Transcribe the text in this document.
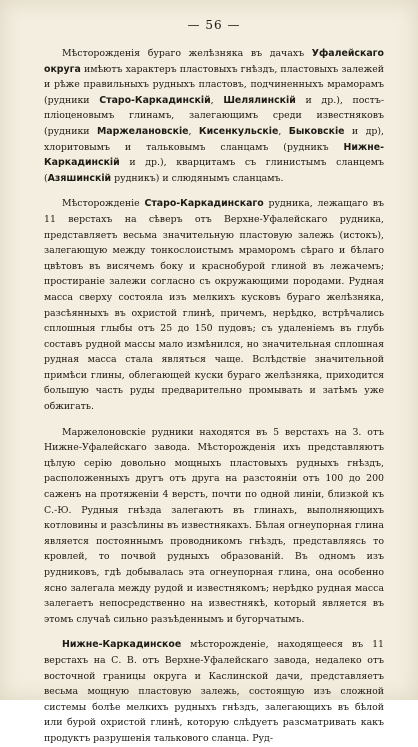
— 56 —

Мѣсторожденія бураго желѣзняка въ дачахъ Уфалейскаго округа имѣютъ характеръ пластовыхъ гнѣздъ, пластовыхъ залежей и рѣже правильныхъ рудныхъ пластовъ, подчиненныхъ мраморамъ (рудники Старо-Каркадинскій, Шелялинскій и др.), постъ-пліоценовымъ глинамъ, залегающимъ среди известняковъ (рудники Маржелановскіе, Кисенкульскіе, Быковскіе и др), хлоритовымъ и тальковымъ сланцамъ (рудникъ Нижне-Каркадинскій и др.), кварцитамъ съ глинистымъ сланцемъ (Азяшинскій рудникъ) и слюдянымъ сланцамъ.

Мѣсторожденіе Старо-Каркадинскаго рудника, лежащаго въ 11 верстахъ на сѣверъ отъ Верхне-Уфалейскаго рудника, представляетъ весьма значительную пластовую залежь (истокъ), залегающую между тонкослоистымъ мраморомъ сѣраго и бѣлаго цвѣтовъ въ висячемъ боку и краснобурой глиной въ лежачемъ; простираніе залежи согласно съ окружающими породами. Рудная масса сверху состояла изъ мелкихъ кусковъ бураго желѣзняка, разсѣянныхъ въ охристой глинѣ, причемъ, нерѣдко, встрѣчались сплошныя глыбы отъ 25 до 150 пудовъ; съ удаленіемъ въ глубь составъ рудной массы мало измѣнился, но значительная сплошная рудная масса стала являться чаще. Вслѣдствіе значительной примѣси глины, облегающей куски бураго желѣзняка, приходится большую часть руды предварительно промывать и затѣмъ уже обжигать.

Маржелоновскіе рудники находятся въ 5 верстахъ на З. отъ Нижне-Уфалейскаго завода. Мѣсторожденія ихъ представляютъ цѣлую серію довольно мощныхъ пластовыхъ рудныхъ гнѣздъ, расположенныхъ другъ отъ друга на разстояніи отъ 100 до 200 саженъ на протяженіи 4 верстъ, почти по одной линіи, близкой къ С.-Ю. Рудныя гнѣзда залегаютъ въ глинахъ, выполняющихъ котловины и разсѣлины въ известнякахъ. Бѣлая огнеупорная глина является постояннымъ проводникомъ гнѣздъ, представляясь то кровлей, то почвой рудныхъ образованій. Въ одномъ изъ рудниковъ, гдѣ добывалась эта огнеупорная глина, она особенно ясно залегала между рудой и известнякомъ; нерѣдко рудная масса залегаетъ непосредственно на известнякѣ, который является въ этомъ случаѣ сильно разъѣденнымъ и бугорчатымъ.

Нижне-Каркадинское мѣсторожденіе, находящееся въ 11 верстахъ на С. В. отъ Верхне-Уфалейскаго завода, недалеко отъ восточной границы округа и Каслинской дачи, представляетъ весьма мощную пластовую залежь, состоящую изъ сложной системы болѣе мелкихъ рудныхъ гнѣздъ, залегающихъ въ бѣлой или бурой охристой глинѣ, которую слѣдуетъ разсматривать какъ продуктъ разрушенія талькового сланца. Руд-
